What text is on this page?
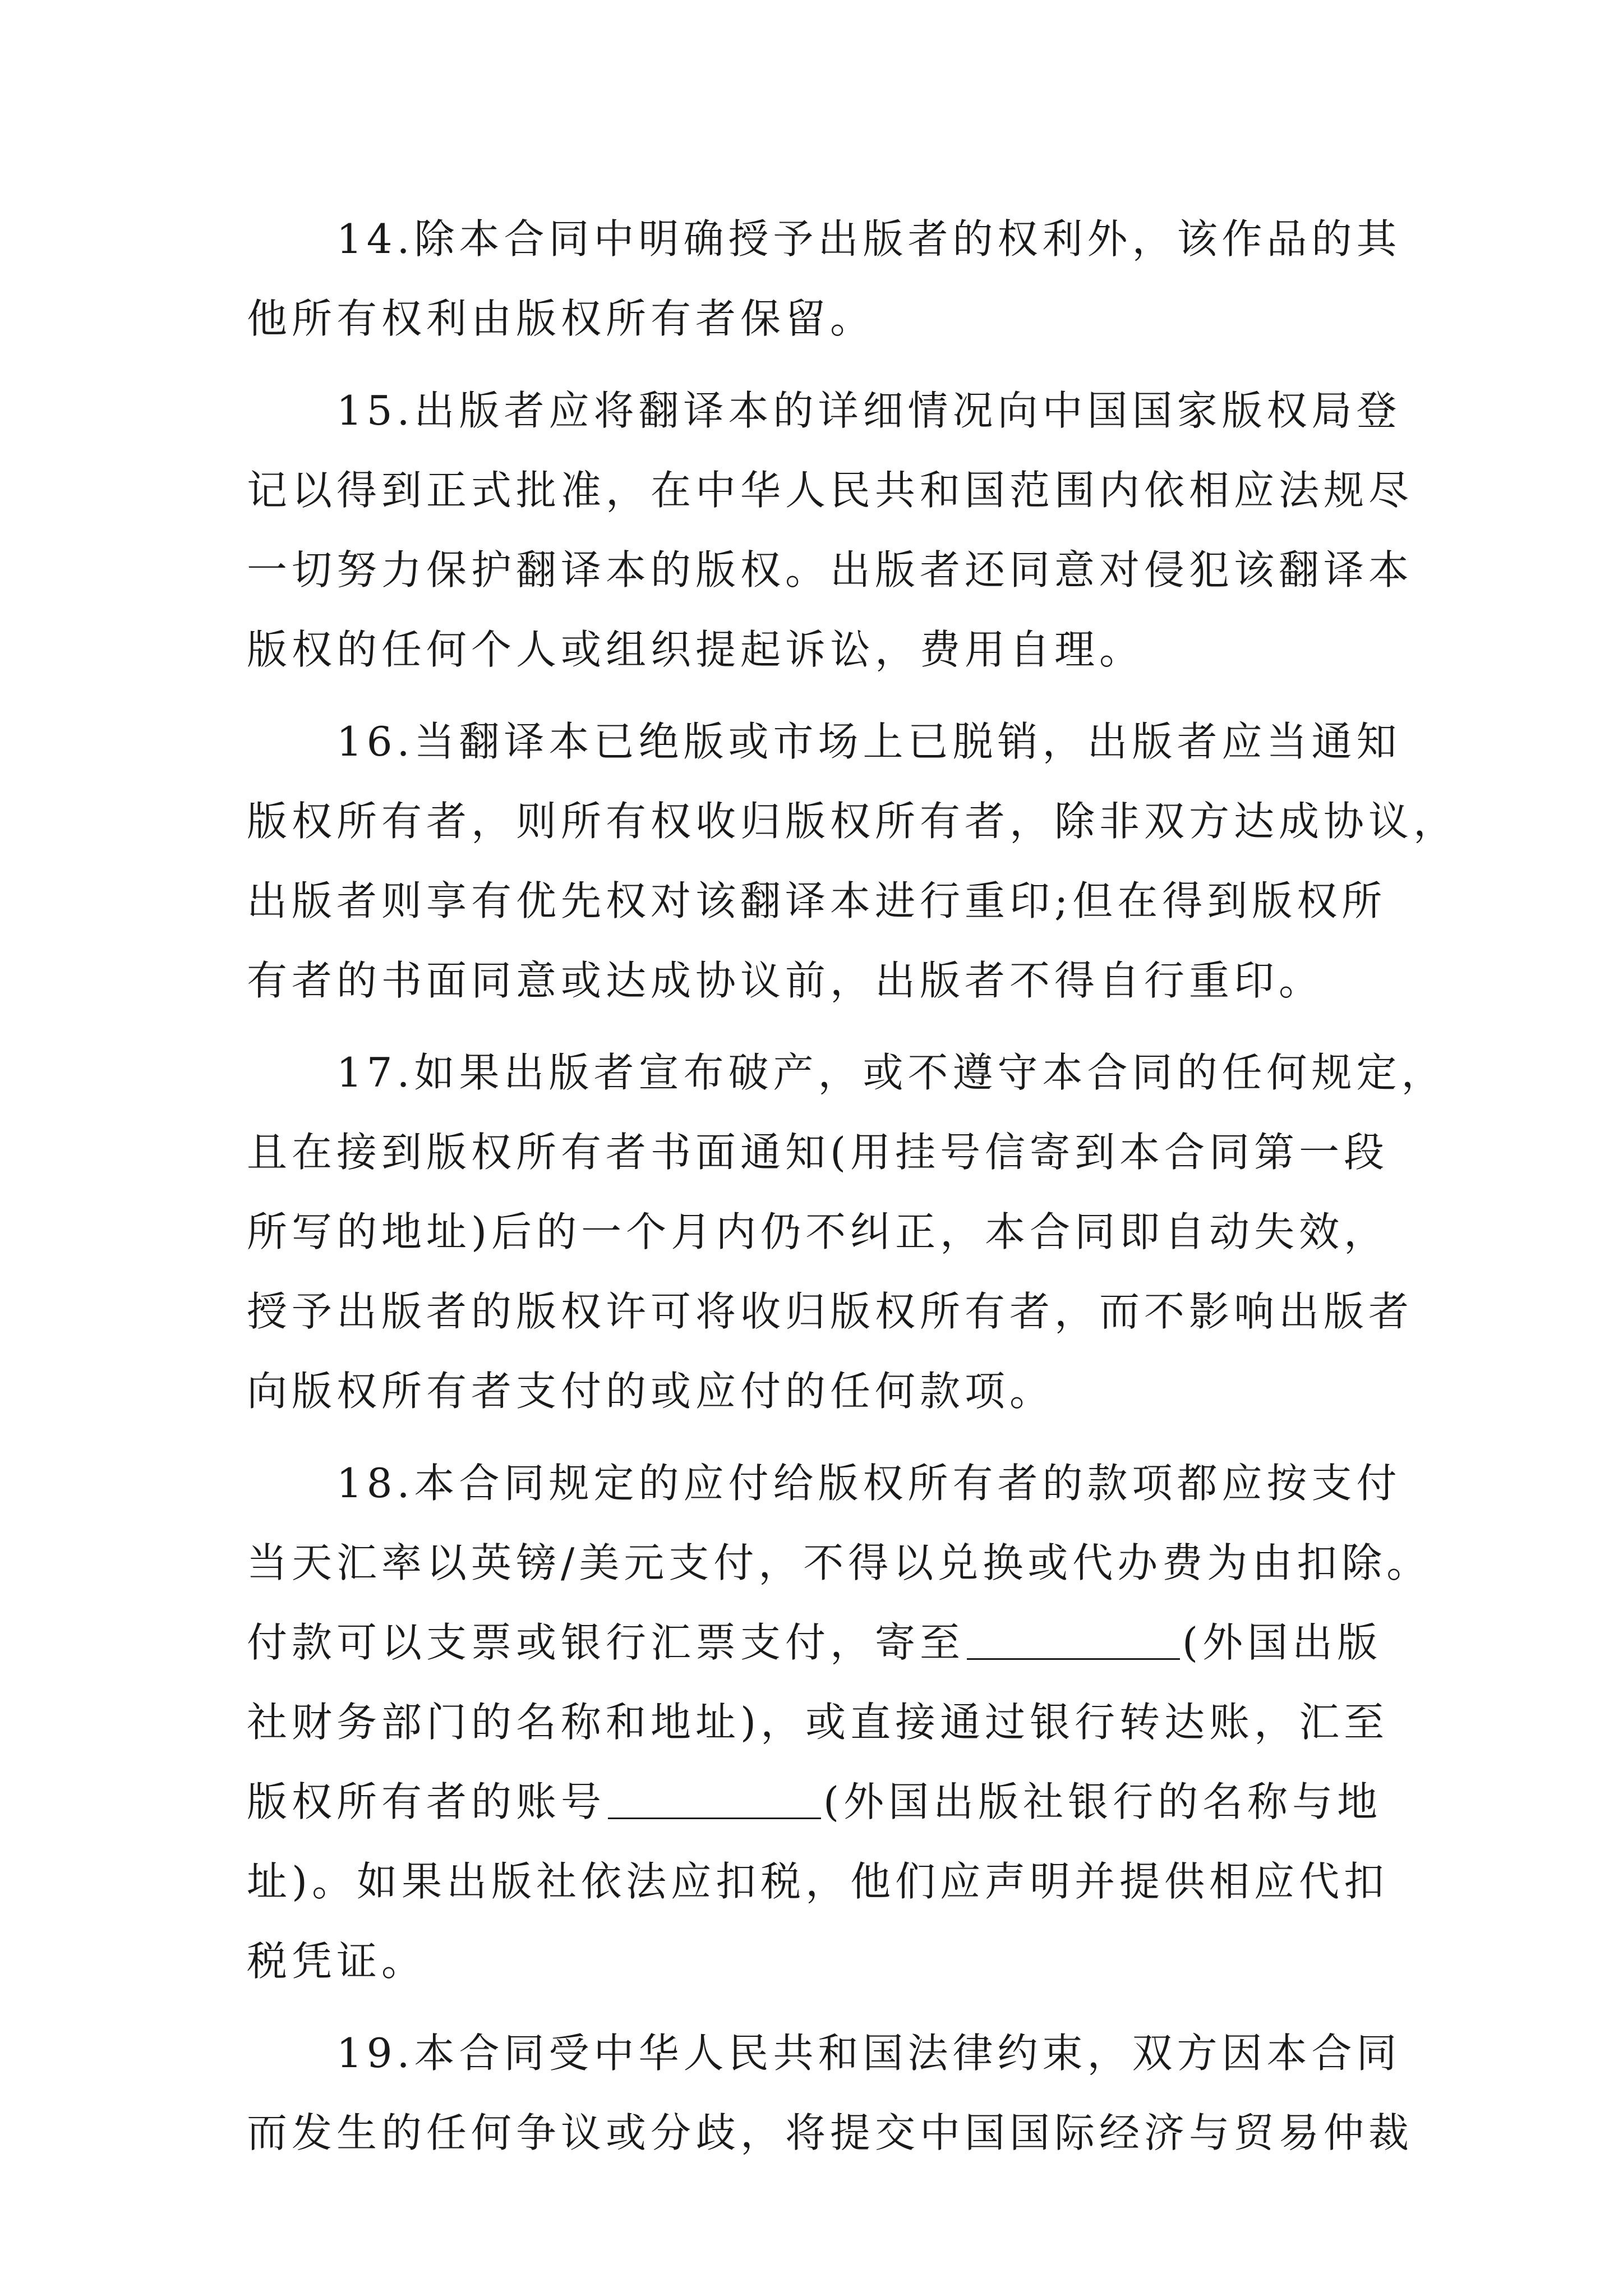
14.除本合同中明确授予出版者的权利外，该作品的其
他所有权利由版权所有者保留。
15.出版者应将翻译本的详细情况向中国国家版权局登
记以得到正式批准，在中华人民共和国范围内依相应法规尽
一切努力保护翻译本的版权。出版者还同意对侵犯该翻译本
版权的任何个人或组织提起诉讼，费用自理。
16.当翻译本已绝版或市场上已脱销，出版者应当通知
版权所有者，则所有权收归版权所有者，除非双方达成协议，
出版者则享有优先权对该翻译本进行重印;但在得到版权所
有者的书面同意或达成协议前，出版者不得自行重印。
17.如果出版者宣布破产，或不遵守本合同的任何规定，
且在接到版权所有者书面通知(用挂号信寄到本合同第一段
所写的地址)后的一个月内仍不纠正，本合同即自动失效，
授予出版者的版权许可将收归版权所有者，而不影响出版者
向版权所有者支付的或应付的任何款项。
18.本合同规定的应付给版权所有者的款项都应按支付
当天汇率以英镑/美元支付，不得以兑换或代办费为由扣除。
付款可以支票或银行汇票支付，寄至	(外国出版
社财务部门的名称和地址)，或直接通过银行转达账，汇至
版权所有者的账号	(外国出版社银行的名称与地
址)。如果出版社依法应扣税，他们应声明并提供相应代扣
税凭证。
19.本合同受中华人民共和国法律约束，双方因本合同
而发生的任何争议或分歧，将提交中国国际经济与贸易仲裁
